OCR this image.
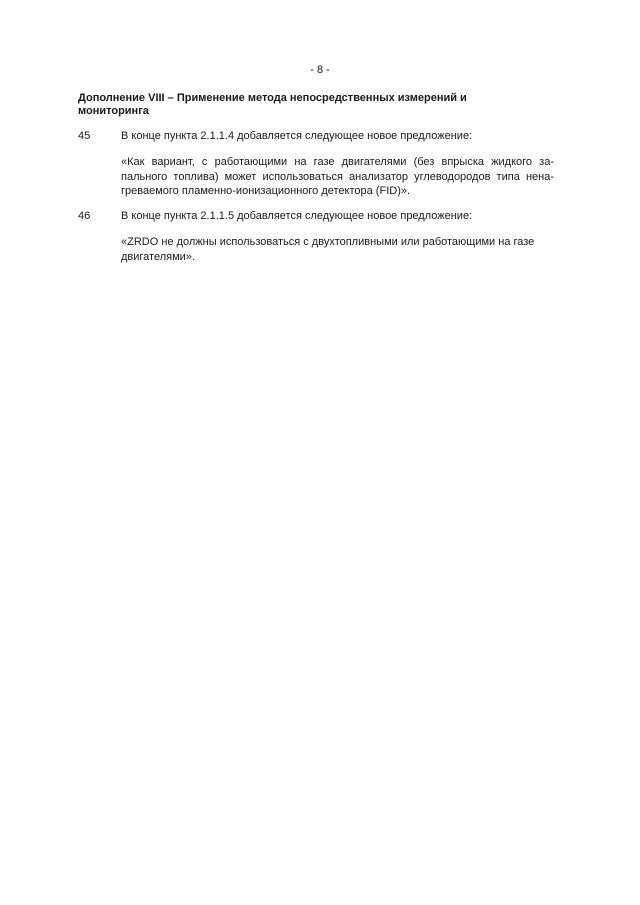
- 8 -
Дополнение VIII – Применение метода непосредственных измерений и мониторинга
45	В конце пункта 2.1.1.4 добавляется следующее новое предложение:
«Как вариант, с работающими на газе двигателями (без впрыска жидкого за-
пального топлива) может использоваться анализатор углеводородов типа нена-
греваемого пламенно-ионизационного детектора (FID)».
46	В конце пункта 2.1.1.5 добавляется следующее новое предложение:
«ZRDO не должны использоваться с двухтопливными или работающими на газе
двигателями».
